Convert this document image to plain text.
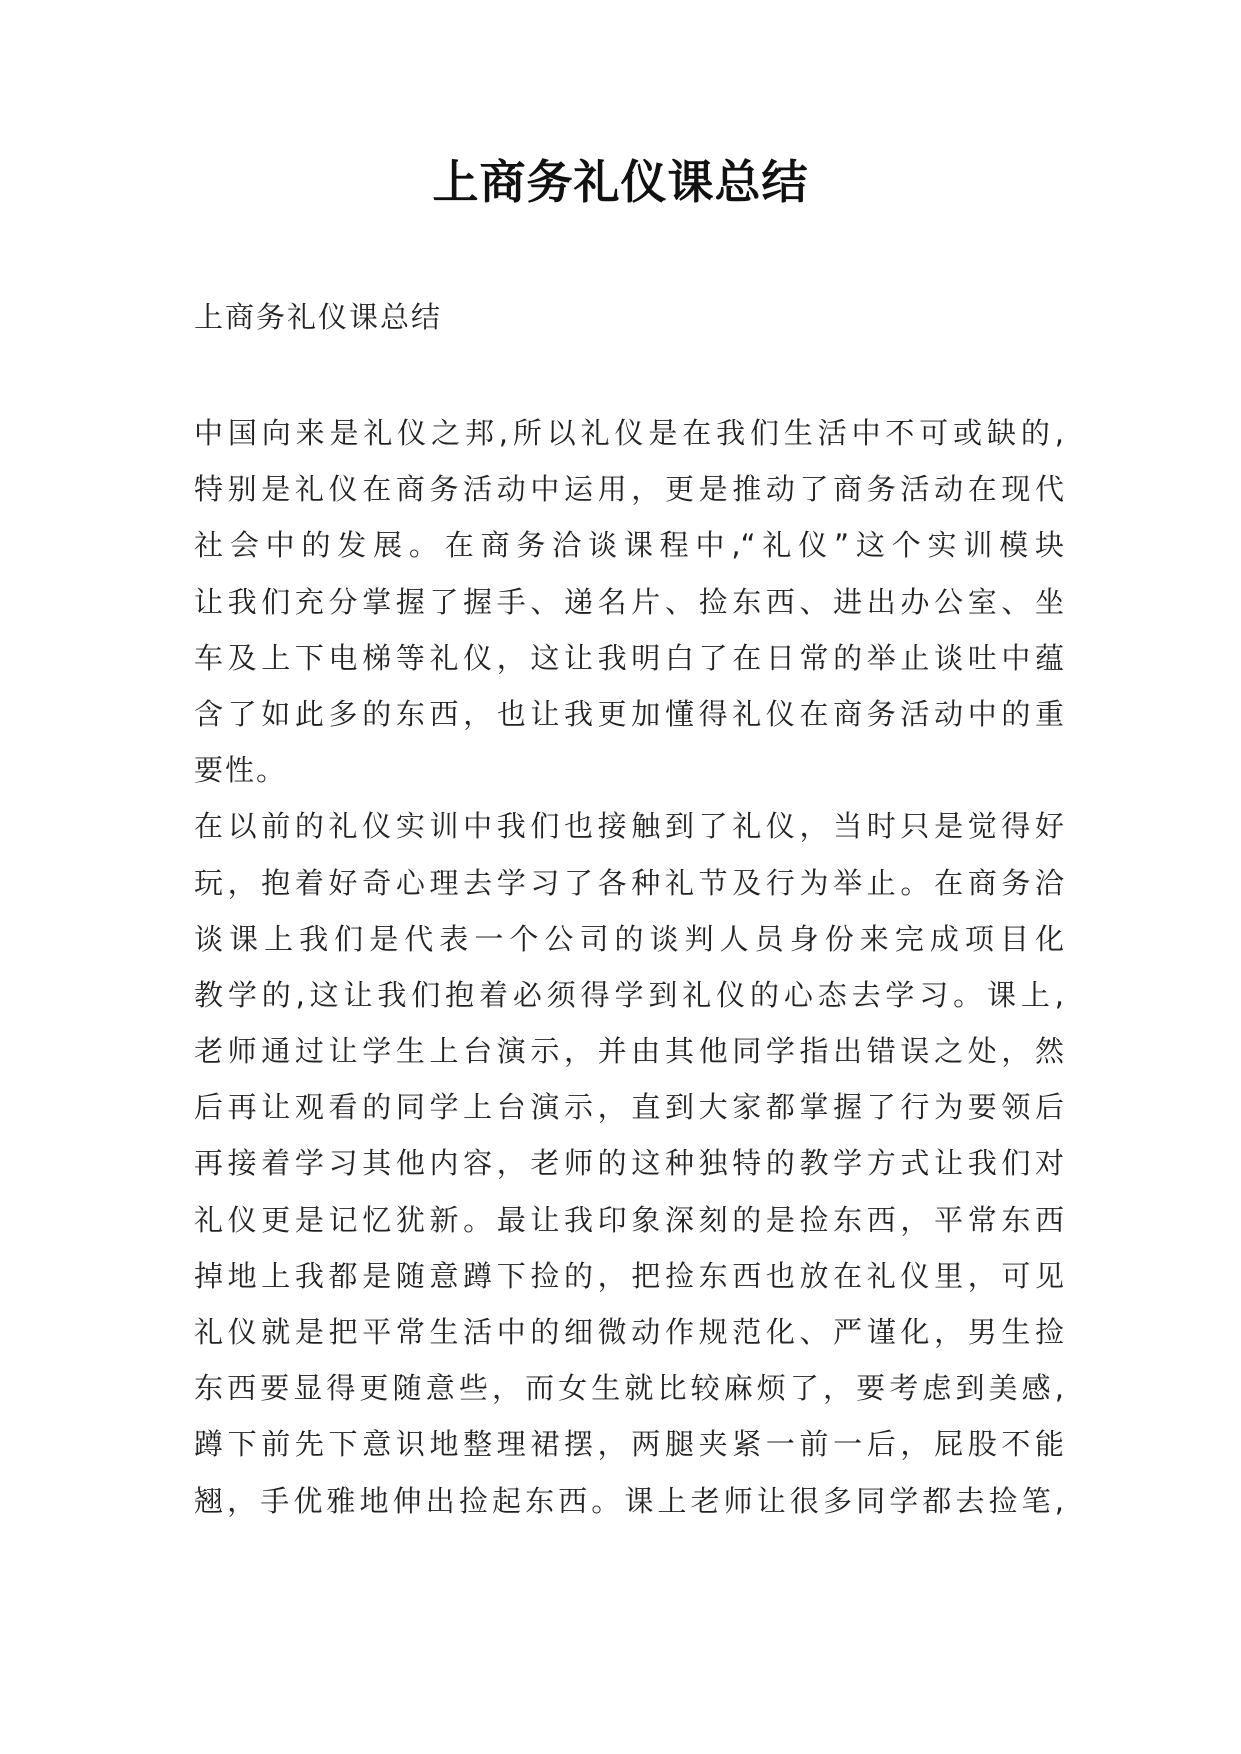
上商务礼仪课总结

上商务礼仪课总结

中国向来是礼仪之邦,所以礼仪是在我们生活中不可或缺的,
特别是礼仪在商务活动中运用，更是推动了商务活动在现代
社会中的发展。在商务洽谈课程中,“礼仪”这个实训模块
让我们充分掌握了握手、递名片、捡东西、进出办公室、坐
车及上下电梯等礼仪，这让我明白了在日常的举止谈吐中蕴
含了如此多的东西，也让我更加懂得礼仪在商务活动中的重
要性。
在以前的礼仪实训中我们也接触到了礼仪，当时只是觉得好
玩，抱着好奇心理去学习了各种礼节及行为举止。在商务洽
谈课上我们是代表一个公司的谈判人员身份来完成项目化
教学的,这让我们抱着必须得学到礼仪的心态去学习。课上,
老师通过让学生上台演示，并由其他同学指出错误之处，然
后再让观看的同学上台演示，直到大家都掌握了行为要领后
再接着学习其他内容，老师的这种独特的教学方式让我们对
礼仪更是记忆犹新。最让我印象深刻的是捡东西，平常东西
掉地上我都是随意蹲下捡的，把捡东西也放在礼仪里，可见
礼仪就是把平常生活中的细微动作规范化、严谨化，男生捡
东西要显得更随意些，而女生就比较麻烦了，要考虑到美感,
蹲下前先下意识地整理裙摆，两腿夹紧一前一后，屁股不能
翘，手优雅地伸出捡起东西。课上老师让很多同学都去捡笔,
